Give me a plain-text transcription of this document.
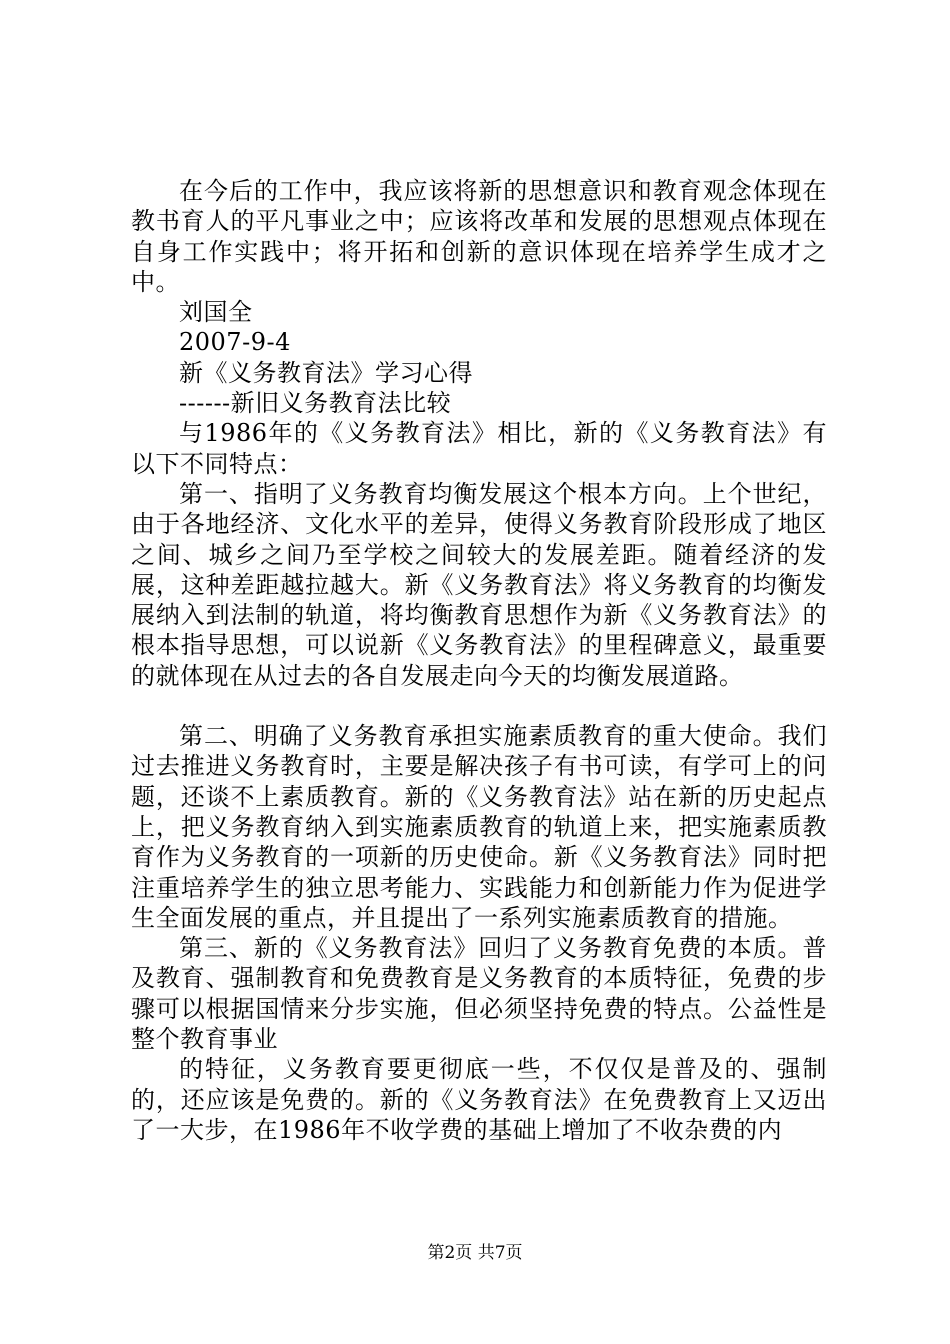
在今后的工作中，我应该将新的思想意识和教育观念体现在教书育人的平凡事业之中；应该将改革和发展的思想观点体现在自身工作实践中；将开拓和创新的意识体现在培养学生成才之中。

刘国全

2007-9-4

新《义务教育法》学习心得

------新旧义务教育法比较

与1986年的《义务教育法》相比，新的《义务教育法》有以下不同特点：

第一、指明了义务教育均衡发展这个根本方向。上个世纪，由于各地经济、文化水平的差异，使得义务教育阶段形成了地区之间、城乡之间乃至学校之间较大的发展差距。随着经济的发展，这种差距越拉越大。新《义务教育法》将义务教育的均衡发展纳入到法制的轨道，将均衡教育思想作为新《义务教育法》的根本指导思想，可以说新《义务教育法》的里程碑意义，最重要的就体现在从过去的各自发展走向今天的均衡发展道路。

第二、明确了义务教育承担实施素质教育的重大使命。我们过去推进义务教育时，主要是解决孩子有书可读，有学可上的问题，还谈不上素质教育。新的《义务教育法》站在新的历史起点上，把义务教育纳入到实施素质教育的轨道上来，把实施素质教育作为义务教育的一项新的历史使命。新《义务教育法》同时把注重培养学生的独立思考能力、实践能力和创新能力作为促进学生全面发展的重点，并且提出了一系列实施素质教育的措施。

第三、新的《义务教育法》回归了义务教育免费的本质。普及教育、强制教育和免费教育是义务教育的本质特征，免费的步骤可以根据国情来分步实施，但必须坚持免费的特点。公益性是整个教育事业

的特征，义务教育要更彻底一些，不仅仅是普及的、强制的，还应该是免费的。新的《义务教育法》在免费教育上又迈出了一大步，在1986年不收学费的基础上增加了不收杂费的内

第2页 共7页
